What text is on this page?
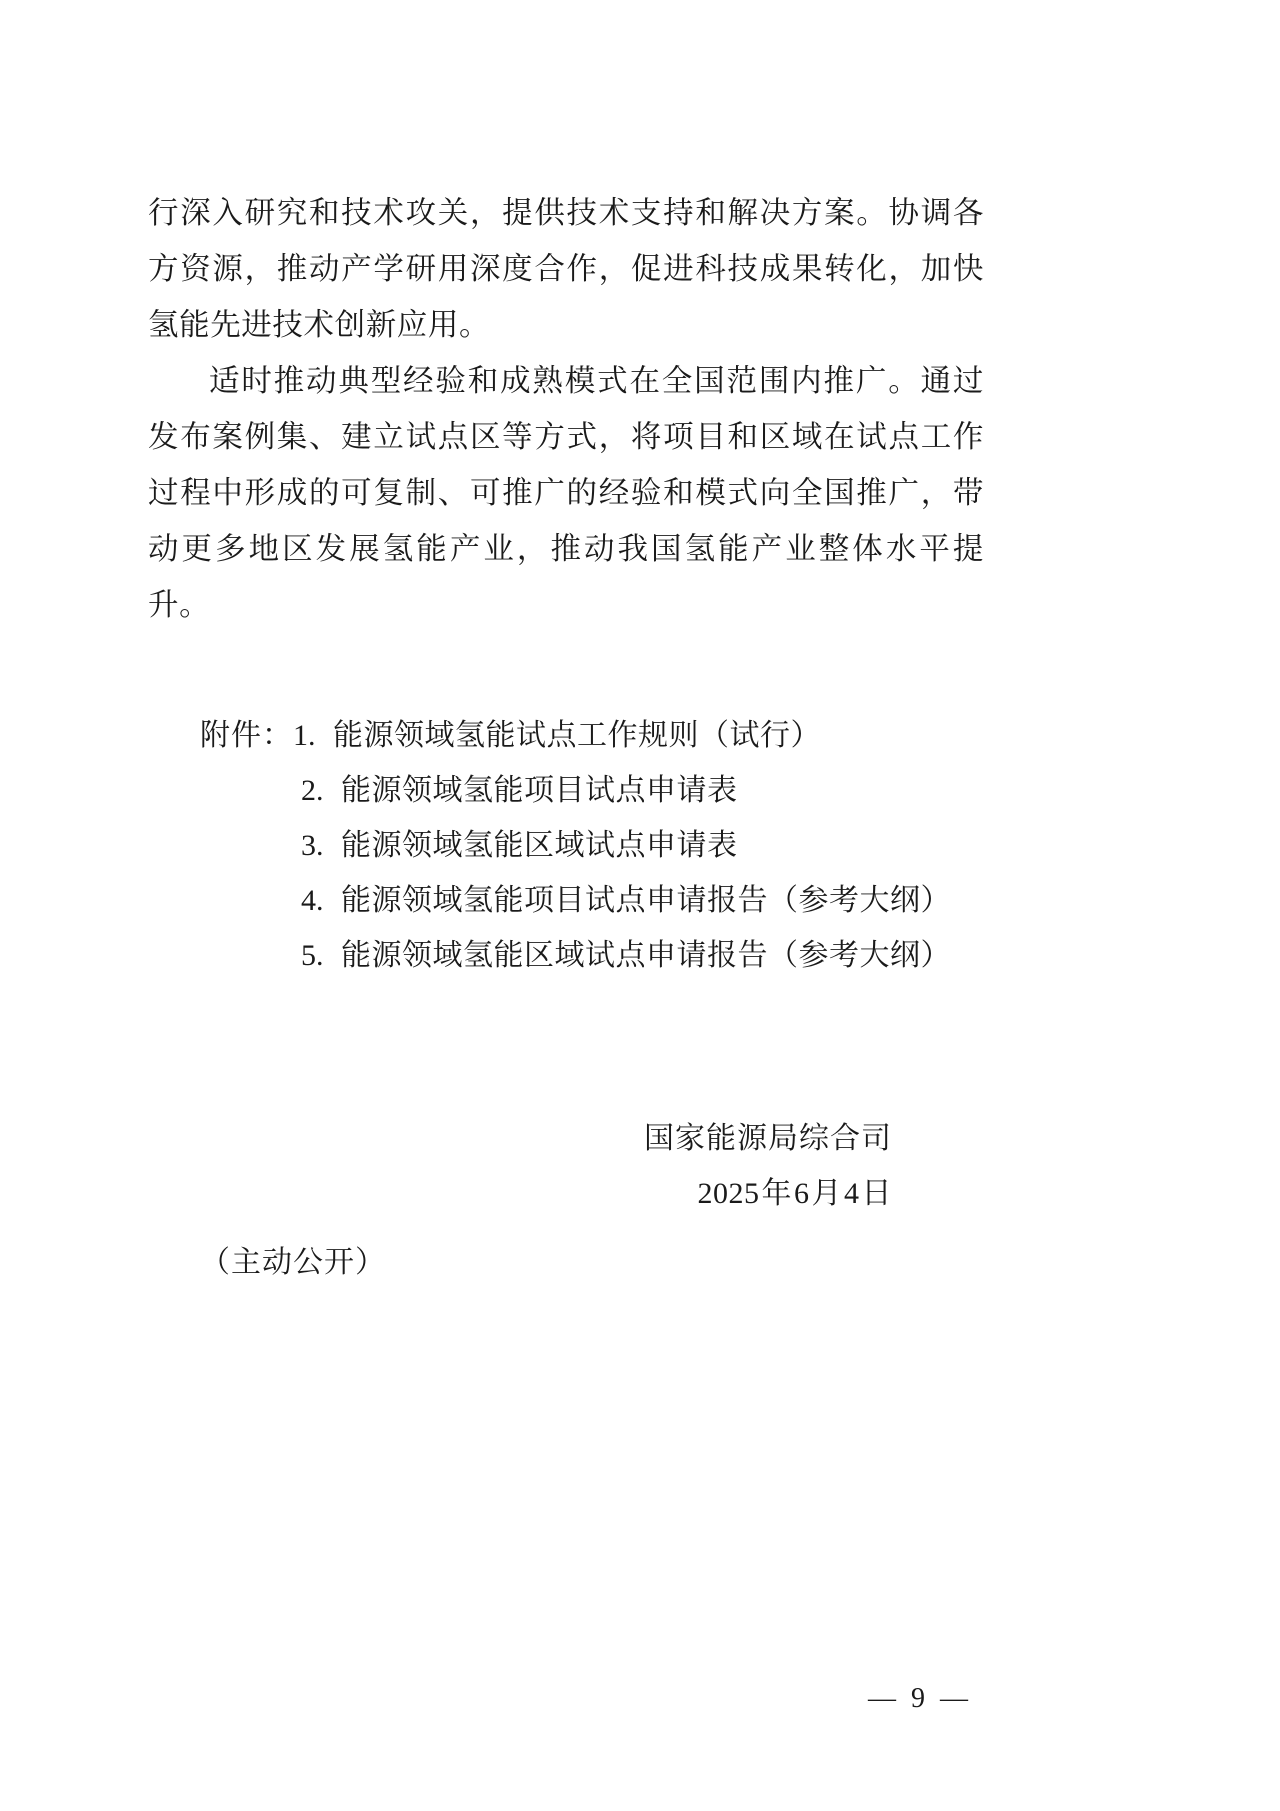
行深入研究和技术攻关，提供技术支持和解决方案。协调各方资源，推动产学研用深度合作，促进科技成果转化，加快氢能先进技术创新应用。

适时推动典型经验和成熟模式在全国范围内推广。通过发布案例集、建立试点区等方式，将项目和区域在试点工作过程中形成的可复制、可推广的经验和模式向全国推广，带动更多地区发展氢能产业，推动我国氢能产业整体水平提升。

附件： 1. 能源领域氢能试点工作规则（试行）
2. 能源领域氢能项目试点申请表
3. 能源领域氢能区域试点申请表
4. 能源领域氢能项目试点申请报告（参考大纲）
5. 能源领域氢能区域试点申请报告（参考大纲）
国家能源局综合司
2025年6月4日
（主动公开）
— 9 —
